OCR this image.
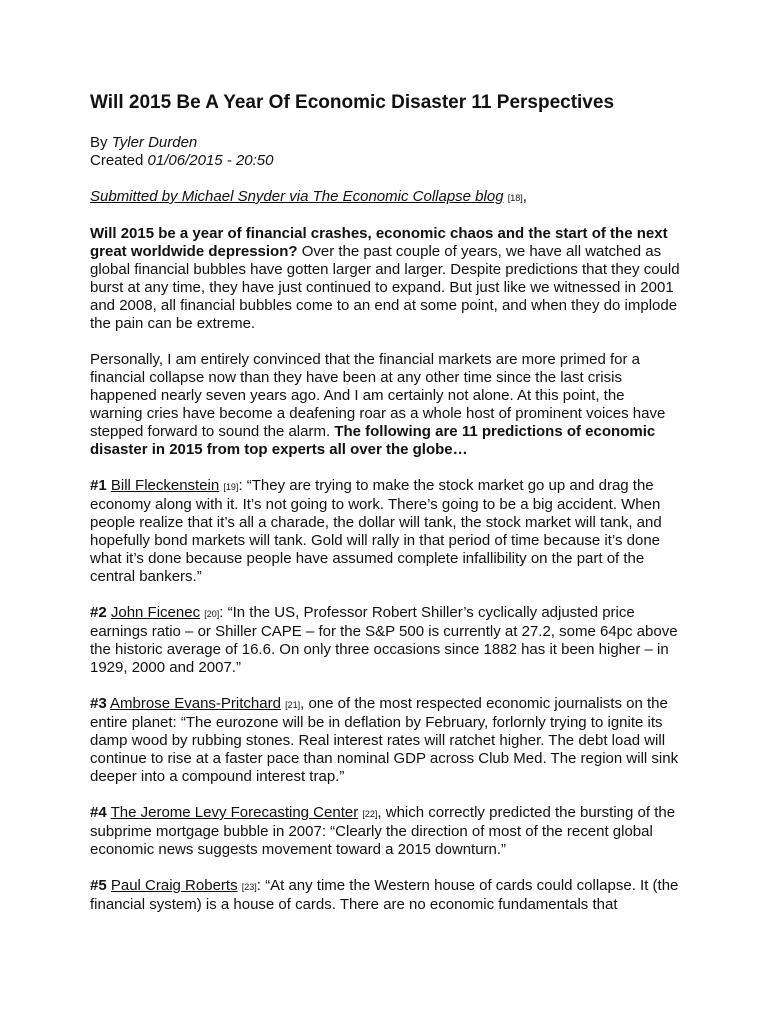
Will 2015 Be A Year Of Economic Disaster 11 Perspectives
By Tyler Durden
Created 01/06/2015 - 20:50

Submitted by Michael Snyder via The Economic Collapse blog [18],

Will 2015 be a year of financial crashes, economic chaos and the start of the next great worldwide depression? Over the past couple of years, we have all watched as global financial bubbles have gotten larger and larger. Despite predictions that they could burst at any time, they have just continued to expand. But just like we witnessed in 2001 and 2008, all financial bubbles come to an end at some point, and when they do implode the pain can be extreme.

Personally, I am entirely convinced that the financial markets are more primed for a financial collapse now than they have been at any other time since the last crisis happened nearly seven years ago. And I am certainly not alone. At this point, the warning cries have become a deafening roar as a whole host of prominent voices have stepped forward to sound the alarm. The following are 11 predictions of economic disaster in 2015 from top experts all over the globe…

#1 Bill Fleckenstein [19]: “They are trying to make the stock market go up and drag the economy along with it. It’s not going to work. There’s going to be a big accident. When people realize that it’s all a charade, the dollar will tank, the stock market will tank, and hopefully bond markets will tank. Gold will rally in that period of time because it’s done what it’s done because people have assumed complete infallibility on the part of the central bankers.”

#2 John Ficenec [20]: “In the US, Professor Robert Shiller’s cyclically adjusted price earnings ratio – or Shiller CAPE – for the S&P 500 is currently at 27.2, some 64pc above the historic average of 16.6. On only three occasions since 1882 has it been higher – in 1929, 2000 and 2007.”

#3 Ambrose Evans-Pritchard [21], one of the most respected economic journalists on the entire planet: “The eurozone will be in deflation by February, forlornly trying to ignite its damp wood by rubbing stones. Real interest rates will ratchet higher. The debt load will continue to rise at a faster pace than nominal GDP across Club Med. The region will sink deeper into a compound interest trap.”

#4 The Jerome Levy Forecasting Center [22], which correctly predicted the bursting of the subprime mortgage bubble in 2007: “Clearly the direction of most of the recent global economic news suggests movement toward a 2015 downturn.”

#5 Paul Craig Roberts [23]: “At any time the Western house of cards could collapse. It (the financial system) is a house of cards. There are no economic fundamentals that
